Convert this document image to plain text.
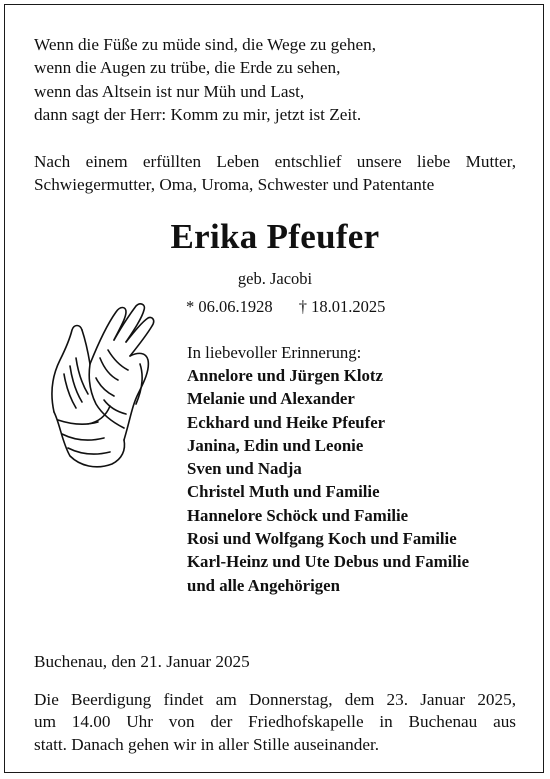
Wenn die Füße zu müde sind, die Wege zu gehen,
wenn die Augen zu trübe, die Erde zu sehen,
wenn das Altsein ist nur Müh und Last,
dann sagt der Herr: Komm zu mir, jetzt ist Zeit.
Nach einem erfüllten Leben entschlief unsere liebe Mutter,
Schwiegermutter, Oma, Uroma, Schwester und Patentante
Erika Pfeufer
geb. Jacobi
* 06.06.1928 † 18.01.2025
In liebevoller Erinnerung:
Annelore und Jürgen Klotz
Melanie und Alexander
Eckhard und Heike Pfeufer
Janina, Edin und Leonie
Sven und Nadja
Christel Muth und Familie
Hannelore Schöck und Familie
Rosi und Wolfgang Koch und Familie
Karl-Heinz und Ute Debus und Familie
und alle Angehörigen
Buchenau, den 21. Januar 2025
Die Beerdigung findet am Donnerstag, dem 23. Januar 2025,
um 14.00 Uhr von der Friedhofskapelle in Buchenau aus
statt. Danach gehen wir in aller Stille auseinander.
